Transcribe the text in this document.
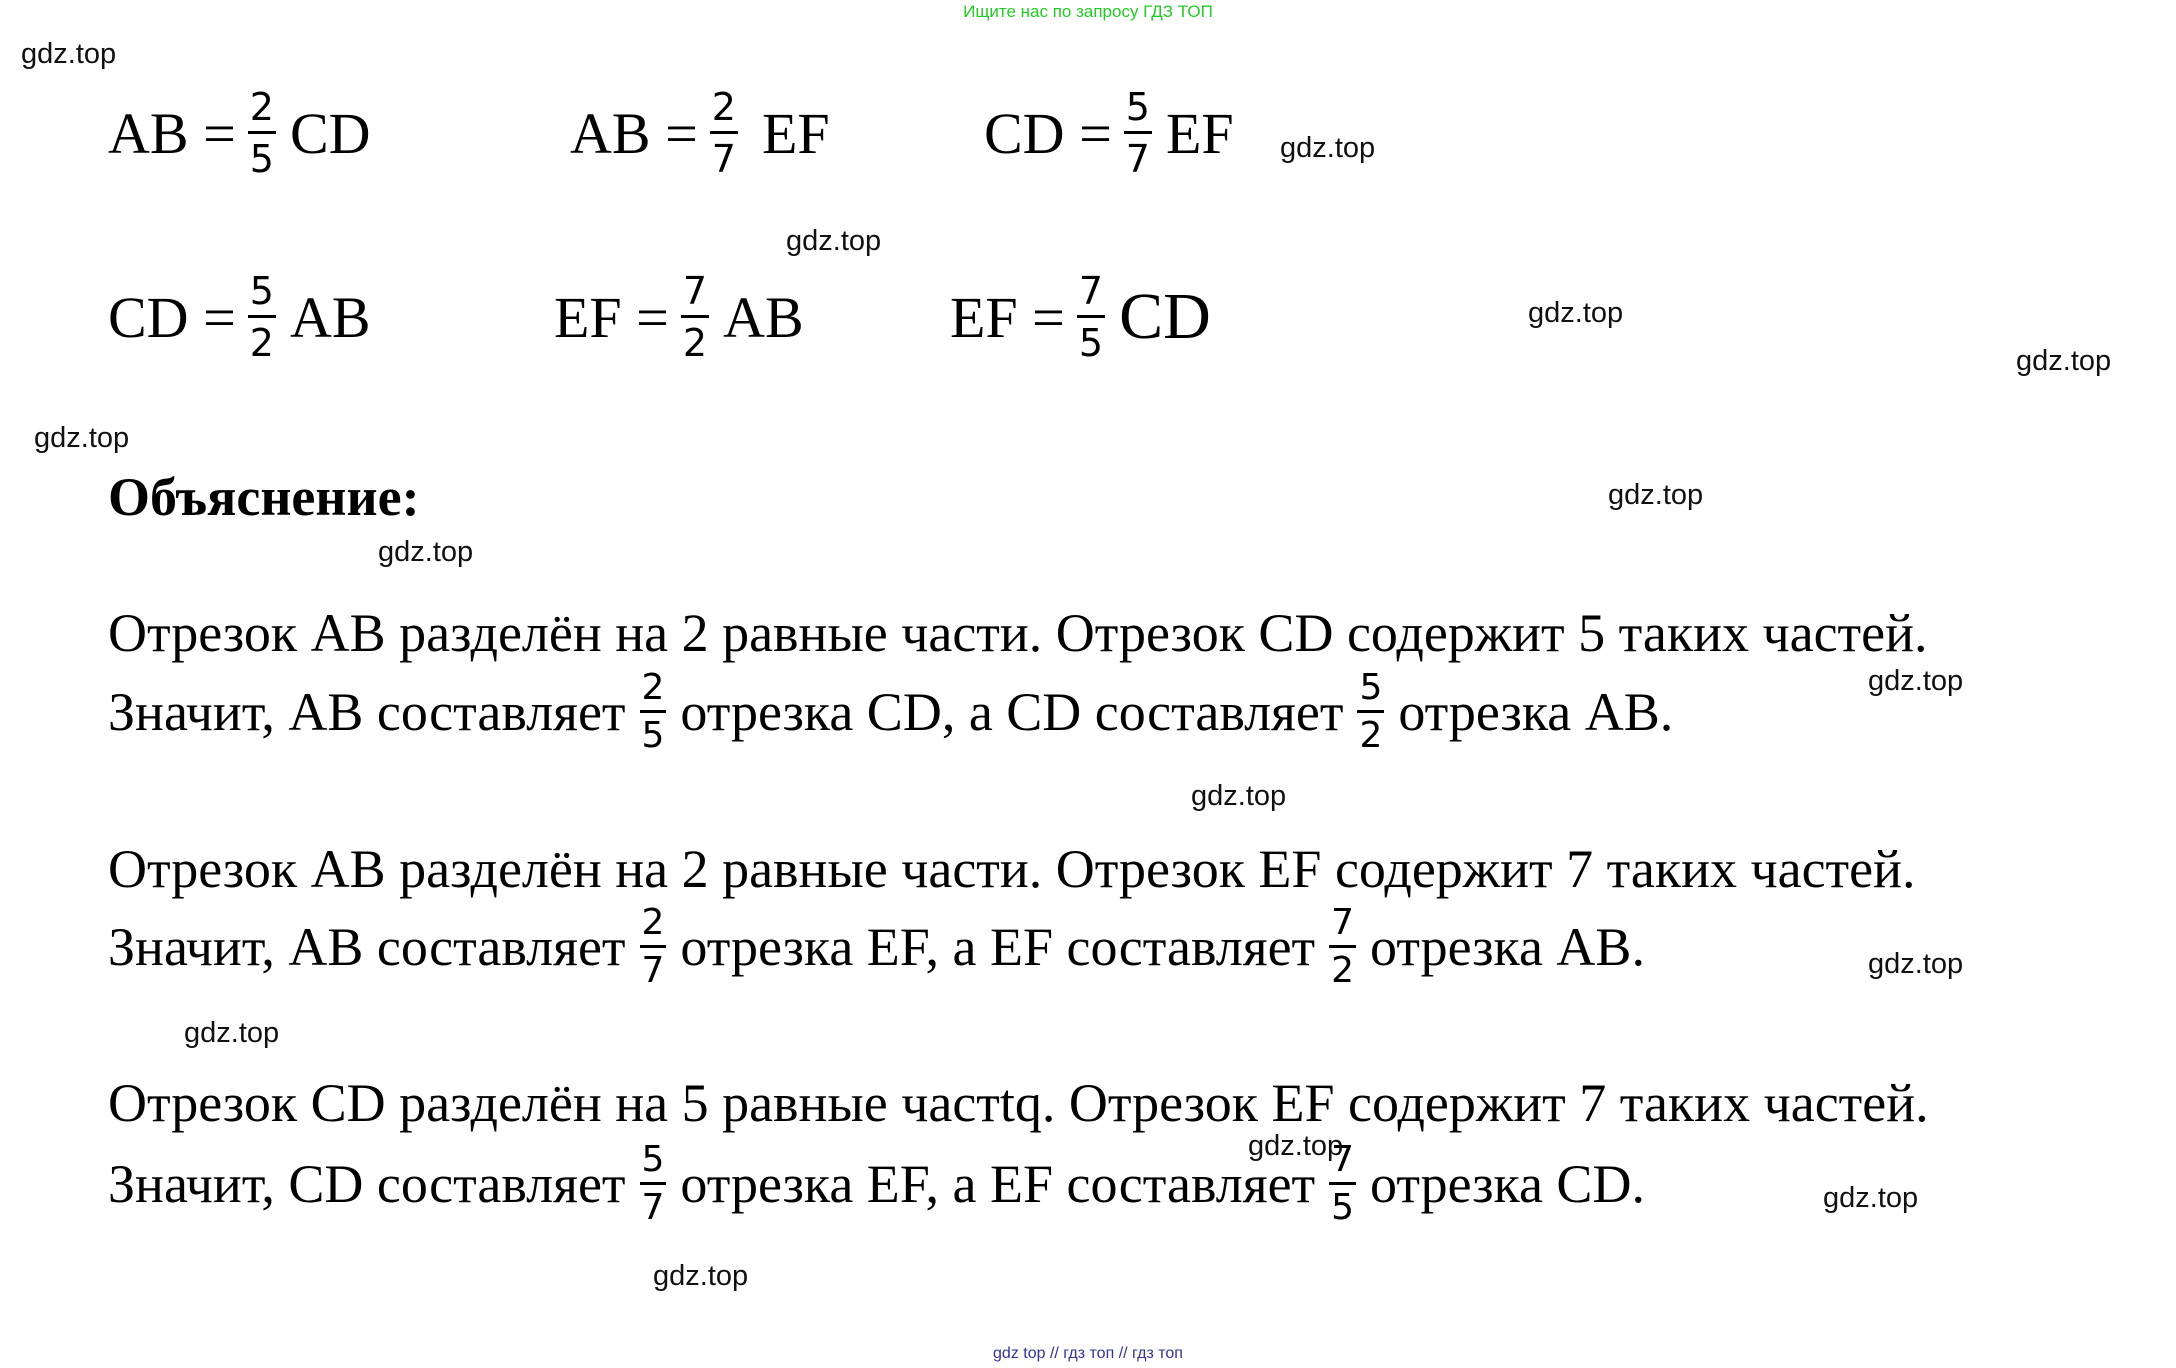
Ищите нас по запросу ГДЗ ТОП
AB = $\frac{2}{5}$ CD	AB = $\frac{2}{7}$ EF	CD = $\frac{5}{7}$ EF
CD = $\frac{5}{2}$ AB	EF = $\frac{7}{2}$ AB	EF = $\frac{7}{5}$ CD
Объяснение:
Отрезок AB разделён на 2 равные части. Отрезок CD содержит 5 таких частей.
Значит, AB составляет $\frac{2}{5}$ отрезка CD, а CD составляет $\frac{5}{2}$ отрезка AB.
Отрезок AB разделён на 2 равные части. Отрезок EF содержит 7 таких частей.
Значит, AB составляет $\frac{2}{7}$ отрезка EF, а EF составляет $\frac{7}{2}$ отрезка AB.
Отрезок CD разделён на 5 равные частtq. Отрезок EF содержит 7 таких частей.
Значит, CD составляет $\frac{5}{7}$ отрезка EF, а EF составляет $\frac{7}{5}$ отрезка CD.
gdz.top
gdz.top
gdz.top
gdz.top
gdz.top
gdz.top
gdz.top
gdz.top
gdz.top
gdz.top
gdz.top
gdz.top
gdz.top
gdz.top
gdz.top
gdz top // гдз топ // гдз топ
